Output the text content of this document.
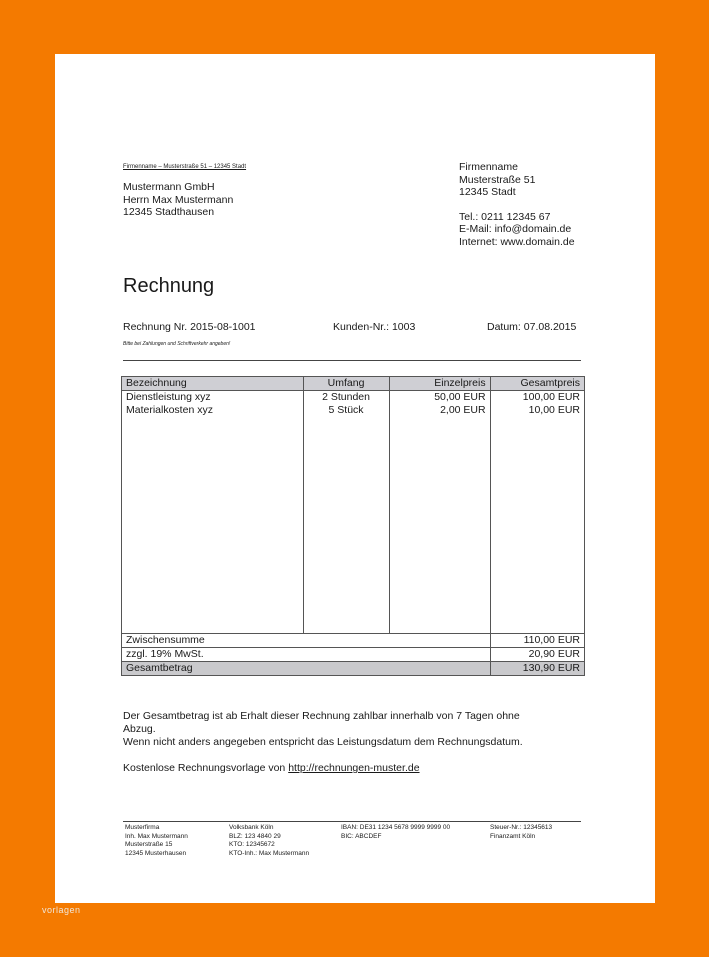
Firmenname – Musterstraße 51 – 12345 Stadt
Mustermann GmbH
Herrn Max Mustermann
12345 Stadthausen
Firmenname
Musterstraße 51
12345 Stadt
Tel.: 0211 12345 67
E-Mail: info@domain.de
Internet: www.domain.de
Rechnung
Rechnung Nr. 2015-08-1001	Kunden-Nr.: 1003	Datum: 07.08.2015
Bitte bei Zahlungen und Schriftverkehr angeben!
Bezeichnung	Umfang	Einzelpreis	Gesamtpreis
Dienstleistung xyz	2 Stunden	50,00 EUR	100,00 EUR
Materialkosten xyz	5 Stück	2,00 EUR	10,00 EUR

Zwischensumme			110,00 EUR
zzgl. 19% MwSt.			20,90 EUR
Gesamtbetrag			130,90 EUR
Der Gesamtbetrag ist ab Erhalt dieser Rechnung zahlbar innerhalb von 7 Tagen ohne
Abzug.
Wenn nicht anders angegeben entspricht das Leistungsdatum dem Rechnungsdatum.
Kostenlose Rechnungsvorlage von http://rechnungen-muster.de
Musterfirma
Inh. Max Mustermann
Musterstraße 15
12345 Musterhausen
Volksbank Köln
BLZ: 123 4840 29
KTO: 12345672
KTO-Inh.: Max Mustermann
IBAN: DE31 1234 5678 9999 9999 00
BIC: ABCDEF
Steuer-Nr.: 12345613
Finanzamt Köln
vorlagen
